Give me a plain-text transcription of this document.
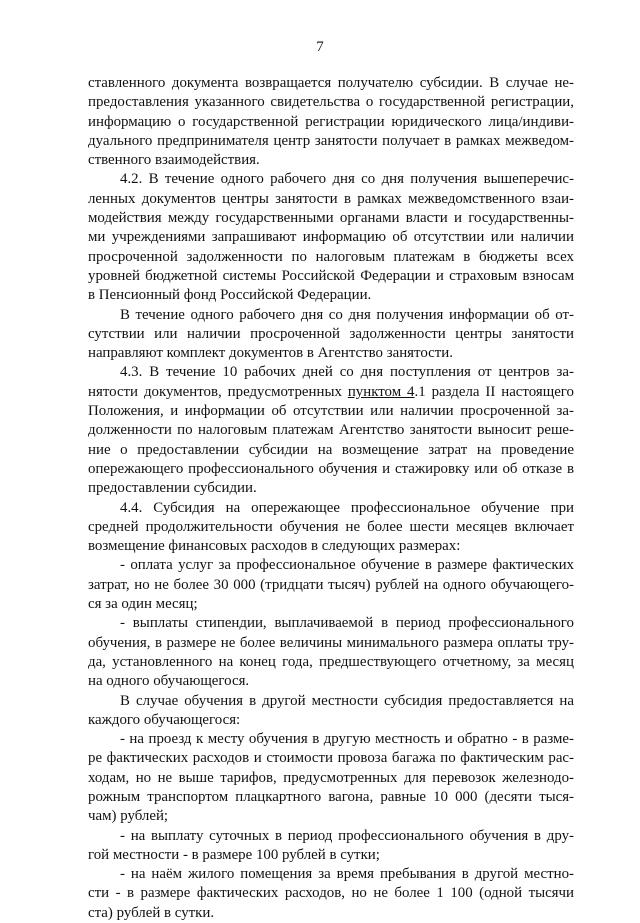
7

ставленного документа возвращается получателю субсидии. В случае не-
предоставления указанного свидетельства о государственной регистрации,
информацию о государственной регистрации юридического лица/индиви-
дуального предпринимателя центр занятости получает в рамках межведом-
ственного взаимодействия.

4.2. В течение одного рабочего дня со дня получения вышеперечис-
ленных документов центры занятости в рамках межведомственного взаи-
модействия между государственными органами власти и государственны-
ми учреждениями запрашивают информацию об отсутствии или наличии
просроченной задолженности по налоговым платежам в бюджеты всех
уровней бюджетной системы Российской Федерации и страховым взносам
в Пенсионный фонд Российской Федерации.

В течение одного рабочего дня со дня получения информации об от-
сутствии или наличии просроченной задолженности центры занятости
направляют комплект документов в Агентство занятости.

4.3. В течение 10 рабочих дней со дня поступления от центров за-
нятости документов, предусмотренных пунктом 4.1 раздела II настоящего
Положения, и информации об отсутствии или наличии просроченной за-
долженности по налоговым платежам Агентство занятости выносит реше-
ние о предоставлении субсидии на возмещение затрат на проведение
опережающего профессионального обучения и стажировку или об отказе в
предоставлении субсидии.

4.4. Субсидия на опережающее профессиональное обучение при
средней продолжительности обучения не более шести месяцев включает
возмещение финансовых расходов в следующих размерах:

- оплата услуг за профессиональное обучение в размере фактических
затрат, но не более 30 000 (тридцати тысяч) рублей на одного обучающего-
ся за один месяц;

- выплаты стипендии, выплачиваемой в период профессионального
обучения, в размере не более величины минимального размера оплаты тру-
да, установленного на конец года, предшествующего отчетному, за месяц
на одного обучающегося.

В случае обучения в другой местности субсидия предоставляется на
каждого обучающегося:

- на проезд к месту обучения в другую местность и обратно - в разме-
ре фактических расходов и стоимости провоза багажа по фактическим рас-
ходам, но не выше тарифов, предусмотренных для перевозок железнодо-
рожным транспортом плацкартного вагона, равные 10 000 (десяти тыся-
чам) рублей;

- на выплату суточных в период профессионального обучения в дру-
гой местности - в размере 100 рублей в сутки;

- на наём жилого помещения за время пребывания в другой местно-
сти - в размере фактических расходов, но не более 1 100 (одной тысячи
ста) рублей в сутки.
